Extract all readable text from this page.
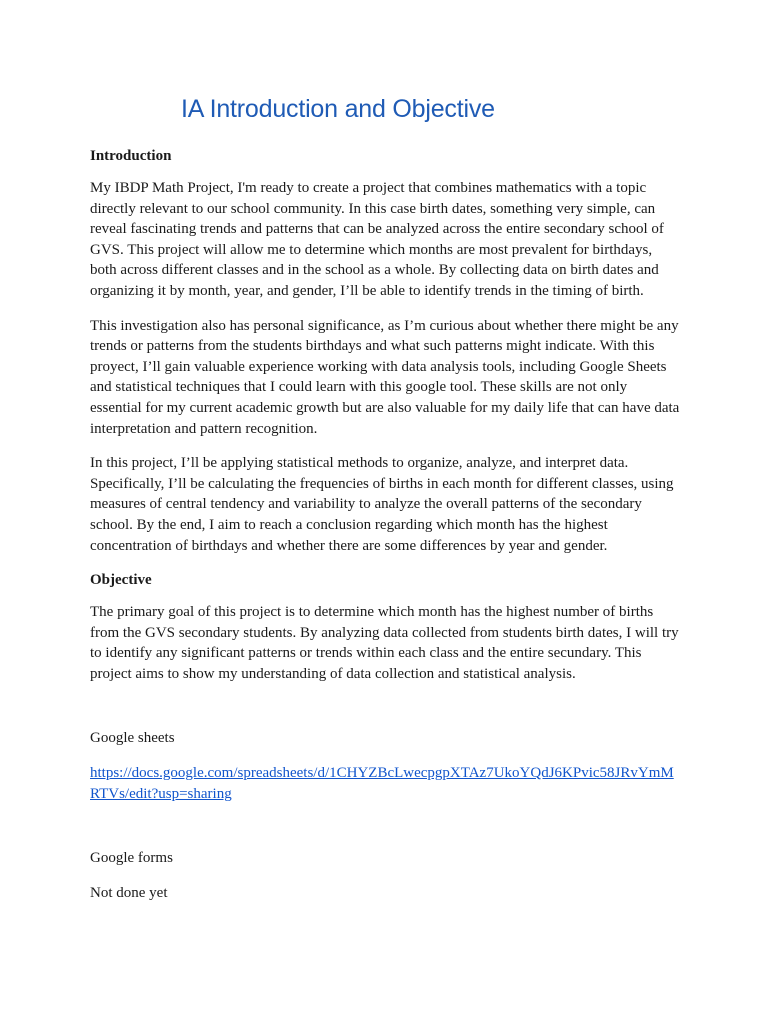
IA Introduction and Objective

Introduction

My IBDP Math Project, I'm ready to create a project that combines mathematics with a topic directly relevant to our school community. In this case birth dates, something very simple, can reveal fascinating trends and patterns that can be analyzed across the entire secondary school of GVS. This project will allow me to determine which months are most prevalent for birthdays, both across different classes and in the school as a whole. By collecting data on birth dates and organizing it by month, year, and gender, I’ll be able to identify trends in the timing of birth.

This investigation also has personal significance, as I’m curious about whether there might be any trends or patterns from the students birthdays and what such patterns might indicate. With this proyect, I’ll gain valuable experience working with data analysis tools, including Google Sheets and statistical techniques that I could learn with this google tool. These skills are not only essential for my current academic growth but are also valuable for my daily life that can have data interpretation and pattern recognition.

In this project, I’ll be applying statistical methods to organize, analyze, and interpret data. Specifically, I’ll be calculating the frequencies of births in each month for different classes, using measures of central tendency and variability to analyze the overall patterns of the secondary school. By the end, I aim to reach a conclusion regarding which month has the highest concentration of birthdays and whether there are some differences by year and gender.

Objective

The primary goal of this project is to determine which month has the highest number of births from the GVS secondary students. By analyzing data collected from students birth dates, I will try to identify any significant patterns or trends within each class and the entire secundary. This project aims to show my understanding of data collection and statistical analysis.

Google sheets

https://docs.google.com/spreadsheets/d/1CHYZBcLwecpgpXTAz7UkoYQdJ6KPvic58JRvYmMRTVs/edit?usp=sharing

Google forms

Not done yet
